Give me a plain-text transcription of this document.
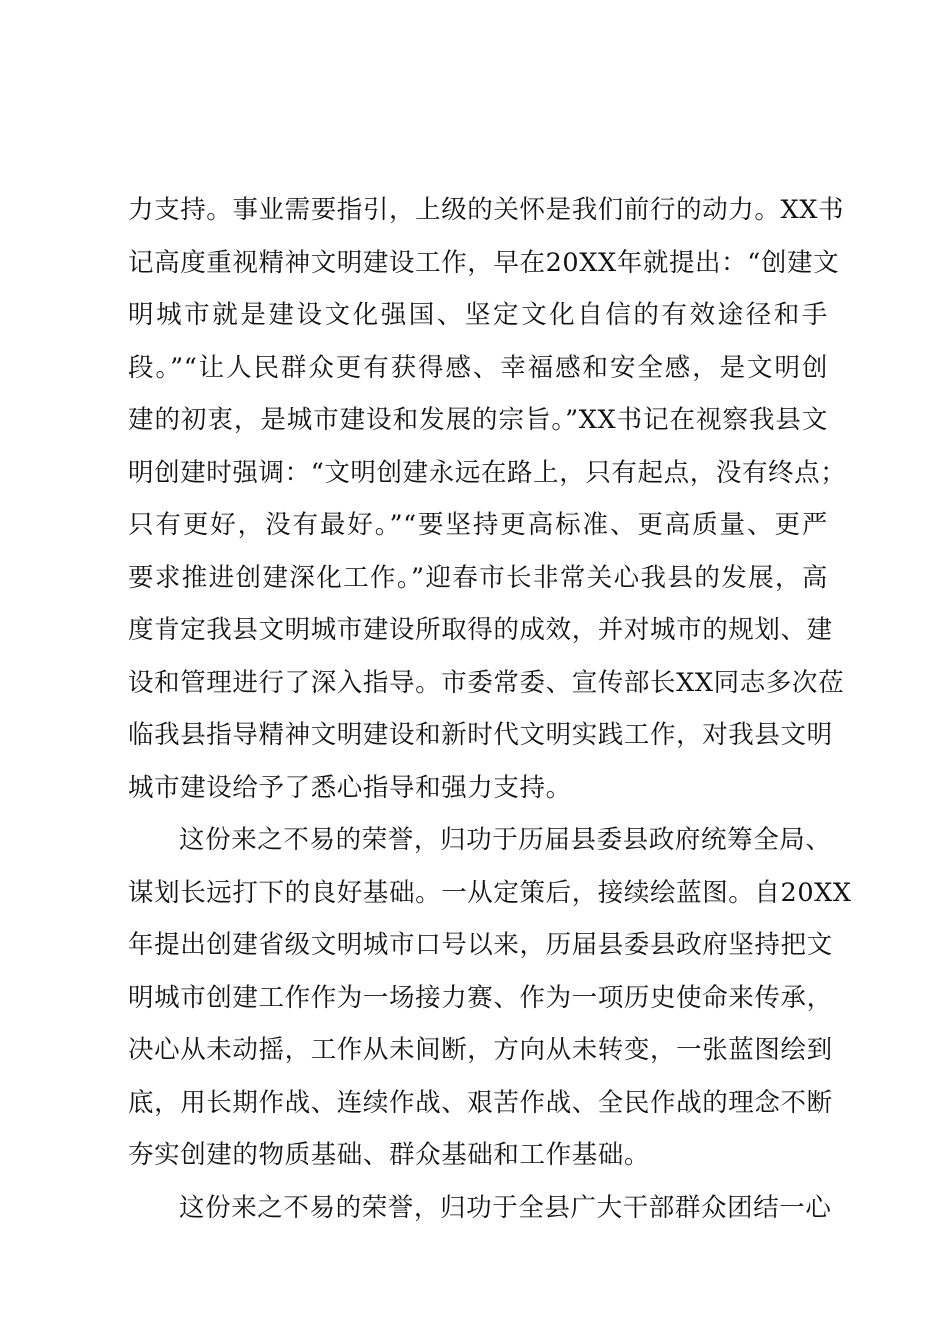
力支持。事业需要指引，上级的关怀是我们前行的动力。XX书
记高度重视精神文明建设工作，早在20XX年就提出：“创建文
明城市就是建设文化强国、坚定文化自信的有效途径和手
段。”“让人民群众更有获得感、幸福感和安全感，是文明创
建的初衷，是城市建设和发展的宗旨。”XX书记在视察我县文
明创建时强调：“文明创建永远在路上，只有起点，没有终点；
只有更好，没有最好。”“要坚持更高标准、更高质量、更严
要求推进创建深化工作。”迎春市长非常关心我县的发展，高
度肯定我县文明城市建设所取得的成效，并对城市的规划、建
设和管理进行了深入指导。市委常委、宣传部长XX同志多次莅
临我县指导精神文明建设和新时代文明实践工作，对我县文明
城市建设给予了悉心指导和强力支持。
这份来之不易的荣誉，归功于历届县委县政府统筹全局、
谋划长远打下的良好基础。一从定策后，接续绘蓝图。自20XX
年提出创建省级文明城市口号以来，历届县委县政府坚持把文
明城市创建工作作为一场接力赛、作为一项历史使命来传承，
决心从未动摇，工作从未间断，方向从未转变，一张蓝图绘到
底，用长期作战、连续作战、艰苦作战、全民作战的理念不断
夯实创建的物质基础、群众基础和工作基础。
这份来之不易的荣誉，归功于全县广大干部群众团结一心
